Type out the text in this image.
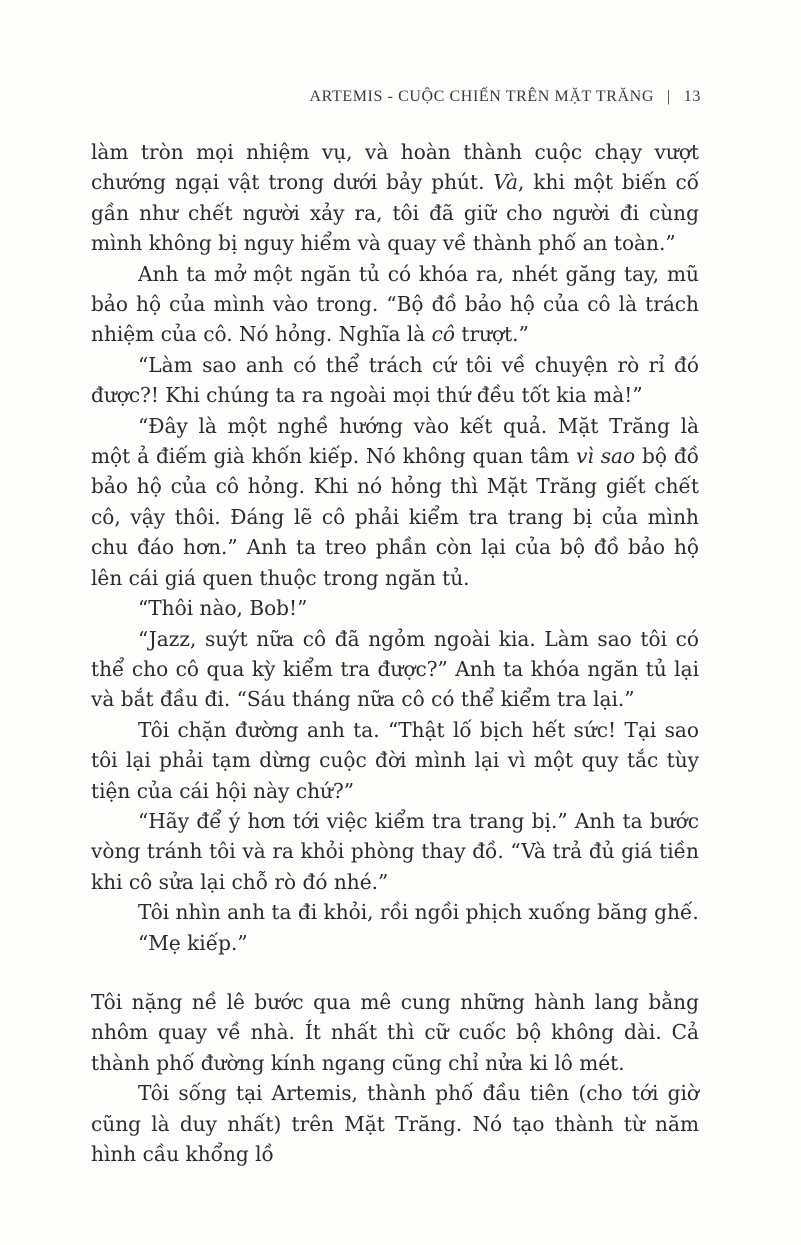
ARTEMIS - CUỘC CHIẾN TRÊN MẶT TRĂNG | 13

làm tròn mọi nhiệm vụ, và hoàn thành cuộc chạy vượt chướng ngại vật trong dưới bảy phút. Và, khi một biến cố gần như chết người xảy ra, tôi đã giữ cho người đi cùng mình không bị nguy hiểm và quay về thành phố an toàn.”

Anh ta mở một ngăn tủ có khóa ra, nhét găng tay, mũ bảo hộ của mình vào trong. “Bộ đồ bảo hộ của cô là trách nhiệm của cô. Nó hỏng. Nghĩa là cô trượt.”

“Làm sao anh có thể trách cứ tôi về chuyện rò rỉ đó được?! Khi chúng ta ra ngoài mọi thứ đều tốt kia mà!”

“Đây là một nghề hướng vào kết quả. Mặt Trăng là một ả điếm già khốn kiếp. Nó không quan tâm vì sao bộ đồ bảo hộ của cô hỏng. Khi nó hỏng thì Mặt Trăng giết chết cô, vậy thôi. Đáng lẽ cô phải kiểm tra trang bị của mình chu đáo hơn.” Anh ta treo phần còn lại của bộ đồ bảo hộ lên cái giá quen thuộc trong ngăn tủ.

“Thôi nào, Bob!”

“Jazz, suýt nữa cô đã ngỏm ngoài kia. Làm sao tôi có thể cho cô qua kỳ kiểm tra được?” Anh ta khóa ngăn tủ lại và bắt đầu đi. “Sáu tháng nữa cô có thể kiểm tra lại.”

Tôi chặn đường anh ta. “Thật lố bịch hết sức! Tại sao tôi lại phải tạm dừng cuộc đời mình lại vì một quy tắc tùy tiện của cái hội này chứ?”

“Hãy để ý hơn tới việc kiểm tra trang bị.” Anh ta bước vòng tránh tôi và ra khỏi phòng thay đồ. “Và trả đủ giá tiền khi cô sửa lại chỗ rò đó nhé.”

Tôi nhìn anh ta đi khỏi, rồi ngồi phịch xuống băng ghế.

“Mẹ kiếp.”

Tôi nặng nề lê bước qua mê cung những hành lang bằng nhôm quay về nhà. Ít nhất thì cữ cuốc bộ không dài. Cả thành phố đường kính ngang cũng chỉ nửa ki lô mét.

Tôi sống tại Artemis, thành phố đầu tiên (cho tới giờ cũng là duy nhất) trên Mặt Trăng. Nó tạo thành từ năm hình cầu khổng lồ
